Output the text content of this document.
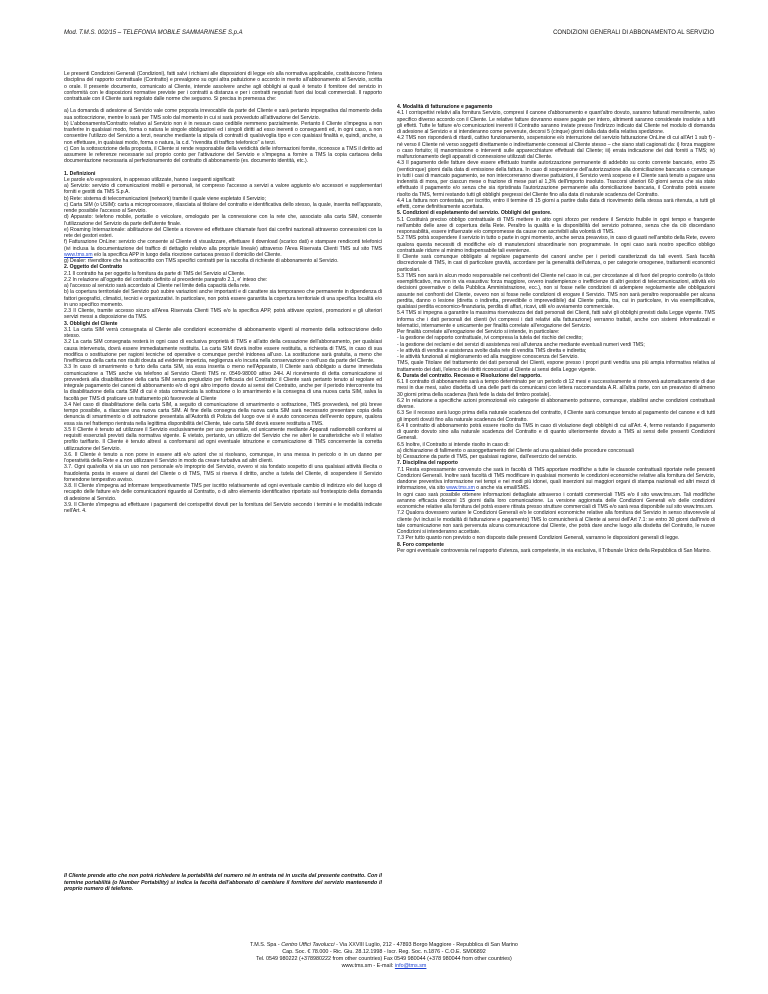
Mod. T.M.S. 002/15 – TELEFONIA MOBILE SAMMARINESE S.p.A	CONDIZIONI GENERALI DI ABBONAMENTO AL SERVIZIO

Le presenti Condizioni Generali (Condizioni), fatti salvi i richiami alle disposizioni di legge e/o alla normativa applicabile, costituiscono l'intera disciplina del rapporto contrattuale (Contratto) e prevalgono su ogni altra pattuizione o accordo in merito all'abbonamento al Servizio, scritta o orale. Il presente documento, comunicato al Cliente, intende assolvere anche agli obblighi ai quali è tenuto il fornitore del servizio in conformità con le disposizioni normative previste per i contratti a distanza e per i contratti negoziati fuori dai locali commerciali. Il rapporto contrattuale con il Cliente sarà regolato dalle norme che seguono. Si precisa in premessa che:

a) La domanda di adesione al Servizio vale come proposta irrevocabile da parte del Cliente e sarà pertanto impegnativa dal momento della sua sottoscrizione, mentre lo sarà per TMS solo dal momento in cui si sarà provveduto all'attivazione del Servizio.

b) L'abbonamento/Contratto relativo al Servizio non è in nessun caso cedibile nemmeno parzialmente. Pertanto il Cliente s'impegna a non trasferire in qualsiasi modo, forma o natura le singole obbligazioni ed i singoli diritti ad esso inerenti o conseguenti ed, in ogni caso, a non consentire l'utilizzo del Servizio a terzi, neanche mediante la stipula di contratti di qualsivoglia tipo e con qualsiasi finalità e, quindi, anche, a non effettuare, in qualsiasi modo, forma o natura, la c.d. "rivendita di traffico telefonico" a terzi.

c) Con la sottoscrizione della proposta, il Cliente si rende responsabile della veridicità delle informazioni fornite, riconosce a TMS il diritto ad assumere le referenze necessarie sul proprio conto per l'attivazione del Servizio e s'impegna a fornire a TMS la copia cartacea della documentazione necessaria al perfezionamento del contratto di abbonamento (es. documento identità, etc.).

1. Definizioni

Le parole e/o espressioni, in appresso utilizzate, hanno i seguenti significati:

a) Servizio: servizio di comunicazioni mobili e personali, ivi compreso l'accesso a servizi a valore aggiunto e/o accessori e supplementari forniti e gestiti da TMS S.p.A.

b) Rete: sistema di telecomunicazioni (network) tramite il quale viene espletato il Servizio;

c) Carta SIM (o USIM): carta a microprocessore, rilasciata al titolare del contratto e identificativa dello stesso, la quale, inserita nell'apparato, rende possibile l'accesso al Servizio.

d) Apparato: telefono mobile, portatile o veicolare, omologato per la connessione con la rete che, associato alla carta SIM, consente l'utilizzazione del Servizio da parte dell'utente finale.

e) Roaming Internazionale: abilitazione del Cliente a ricevere ed effettuare chiamate fuori dai confini nazionali attraverso connessioni con la rete dei gestori esteri.

f) Fatturazione OnLine: servizio che consente al Cliente di visualizzare, effettuare il download (scarico dati) e stampare rendiconti telefonici (ivi inclusa la documentazione del traffico di dettaglio relativo alla propria/e linea/e) attraverso l'Area Riservata Clienti TMS sul sito TMS www.tms.sm e/o la specifica APP in luogo della ricezione cartacea presso il domicilio del Cliente.

g) Dealer: rivenditore che ha sottoscritto con TMS specifici contratti per la raccolta di richieste di abbonamento al Servizio.

2. Oggetto del Contratto

2.1 Il contratto ha per oggetto la fornitura da parte di TMS del Servizio al Cliente.

2.2 In relazione all'oggetto del contratto definito al precedente paragrafo 2.1, e' inteso che:

a) l'accesso al servizio sarà accordato al Cliente nel limite della capacità della rete.

b) la copertura territoriale del Servizio può subire variazioni anche importanti e di carattere sia temporaneo che permanente in dipendenza di fattori geografici, climatici, tecnici e organizzativi. In particolare, non potrà essere garantita la copertura territoriale di una specifica località e/o in uno specifico momento.

2.3 Il Cliente, tramite accesso sicuro all'Area Riservata Clienti TMS e/o la specifica APP, potrà attivare opzioni, promozioni e gli ulteriori servizi messi a disposizione da TMS.

3. Obblighi del Cliente

3.1 La carta SIM verrà consegnata al Cliente alle condizioni economiche di abbonamento vigenti al momento della sottoscrizione dello stesso.

3.2 La carta SIM consegnata resterà in ogni caso di esclusiva proprietà di TMS e all'atto della cessazione dell'abbonamento, per qualsiasi causa intervenuta, dovrà essere immediatamente restituita. La carta SIM dovrà inoltre essere restituita, a richiesta di TMS, in caso di sua modifica o sostituzione per ragioni tecniche od operative o comunque perché inidonea all'uso. La sostituzione sarà gratuita, a meno che l'inefficienza della carta non risulti dovuta ad evidente imperizia, negligenza e/o incuria nella conservazione o nell'uso da parte del Cliente.

3.3 In caso di smarrimento o furto della carta SIM, sia essa inserita o meno nell'Apparato, Il Cliente sarà obbligato a darne immediata comunicazione a TMS anche via telefono al Servizio Clienti TMS nr. 0549-98000 attivo 24H. Al ricevimento di detta comunicazione si provvederà alla disabilitazione della carta SIM senza pregiudizio per l'efficacia del Contratto: il Cliente sarà pertanto tenuto al regolare ed integrale pagamento dei canoni di abbonamento e/o di ogni altro importo dovuto ai sensi del Contratto, anche per il periodo intercorrente tra la disabilitazione della carta SIM di cui è stata comunicata la sottrazione o lo smarrimento e la consegna di una nuova carta SIM, salva la facoltà per TMS di praticare un trattamento più favorevole al Cliente

3.4 Nel caso di disabilitazione della carta SIM, a seguito di comunicazione di smarrimento o sottrazione, TMS provvederà, nel più breve tempo possibile, a rilasciare una nuova carta SIM. Al fine della consegna della nuova carta SIM sarà necessario presentare copia della denuncia di smarrimento o di sottrazione presentata all'Autorità di Polizia del luogo ove si è avuto conoscenza dell'evento oppure, qualora essa sia nel frattempo rientrata nella legittima disponibilità del Cliente, tale carta SIM dovrà essere restituita a TMS.

3.5 Il Cliente è tenuto ad utilizzare il Servizio esclusivamente per uso personale, ed unicamente mediante Apparati radiomobili conformi ai requisiti essenziali previsti dalla normativa vigente. È vietato, pertanto, un utilizzo del Servizio che ne alteri le caratteristiche e/o il relativo profilo tariffario. Il Cliente è tenuto altresì a conformarsi ad ogni eventuale istruzione e comunicazione di TMS concernente la corretta utilizzazione del Servizio.

3.6. Il Cliente è tenuto a non porre in essere atti e/o azioni che si risolvano, comunque, in una messa in pericolo o in un danno per l'operatività della Rete e a non utilizzare il Servizio in modo da creare turbativa ad altri clienti.

3.7. Ogni qualvolta vi sia un uso non personale e/o improprio del Servizio, ovvero vi sia fondato sospetto di una qualsiasi attività illecita o fraudolenta posta in essere ai danni del Cliente o di TMS, TMS si riserva il diritto, anche a tutela del Cliente, di sospendere il Servizio fornendone tempestivo avviso.

3.8. Il Cliente s'impegna ad informare tempestivamente TMS per iscritto relativamente ad ogni eventuale cambio di indirizzo e/o del luogo di recapito delle fatture e/o delle comunicazioni riguardo al Contratto, o di altro elemento identificativo riportato sul frontespizio della domanda di adesione al Servizio.

3.9. Il Cliente s'impegna ad effettuare i pagamenti dei corrispettivi dovuti per la fornitura del Servizio secondo i termini e le modalità indicate nell'Art. 4.

Il Cliente prende atto che non potrà richiedere la portabilità del numero né in entrata né in uscita dal presente contratto. Con il termine portabilità (o Number Portability) si indica la facoltà dell'abbonato di cambiare il fornitore del servizio mantenendo il proprio numero di telefono.

4. Modalità di fatturazione e pagamento

4.1 I corrispettivi relativi alla fornitura Servizio, compresi il canone d'abbonamento e quant'altro dovuto, saranno fatturati mensilmente, salvo specifico diverso accordo con il Cliente. Le relative fatture dovranno essere pagate per intero, altrimenti saranno considerate insolute a tutti gli effetti. Tutte le fatture e/o comunicazioni inerenti il Contratto saranno inviate presso l'indirizzo indicato dal Cliente nel modulo di domanda di adesione al Servizio e si intenderanno come pervenute, decorsi 5 (cinque) giorni dalla data della relativa spedizione.

4.2 TMS non risponderà di ritardi, cattivo funzionamento, sospensione e/o interruzione del servizio fatturazione OnLine di cui all'Art 1 sub f) - né verso il Cliente né verso soggetti direttamente o indirettamente connessi al Cliente stesso – che siano stati cagionati da: i) forza maggiore o caso fortuito; ii) manomissione o interventi sulle apparecchiature effettuati dal Cliente; iii) errata indicazione dei dati forniti a TMS; iv) malfunzionamento degli apparati di connessione utilizzati dal Cliente.

4.3 Il pagamento delle fatture deve essere effettuato tramite autorizzazione permanente di addebito su conto corrente bancario, entro 25 (venticinque) giorni dalla data di emissione della fattura. In caso di sospensione dell'autorizzazione alla domiciliazione bancaria o comunque in tutti i casi di mancato pagamento, se non intercorreranno diverse pattuizioni, il Servizio verrà sospeso e il Cliente sarà tenuto a pagare una indennità di mora, per ciascun mese o frazione di mese pari al 1,3% dell'importo insoluto. Trascorsi ulteriori 60 giorni senza che sia stato effettuato il pagamento e/o senza che sia ripristinata l'autorizzazione permanente alla domiciliazione bancaria, il Contratto potrà essere risolto da TMS, fermi restando tutti gli obblighi pregressi del Cliente fino alla data di naturale scadenza del Contratto.

4.4 La fattura non contestata, per iscritto, entro il termine di 15 giorni a partire dalla data di ricevimento della stessa sarà ritenuta, a tutti gli effetti, come definitivamente accettata.

5. Condizioni di espletamento del servizio. Obblighi del gestore.

5.1 Costituirà preciso obbligo contrattuale di TMS mettere in atto ogni sforzo per rendere il Servizio fruibile in ogni tempo e frangente nell'ambito delle aree di copertura della Rete. Peraltro la qualità e la disponibilità del servizio potranno, senza che da ciò discendano responsabilità, essere influenzate e/o compromesse da cause non ascrivibili alla volontà di TMS.

5.2 TMS potrà sospendere il servizio in tutto o parte in ogni momento, anche senza preavviso, in caso di guasti nell'ambito della Rete, ovvero qualora questa necessiti di modifiche e/o di manutenzioni straordinarie non programmate. In ogni caso sarà nostro specifico obbligo contrattuale ridurre al minimo indispensabile tali evenienze.

Il Cliente sarà comunque obbligato al regolare pagamento dei canoni anche per i periodi caratterizzati da tali eventi. Sarà facoltà discrezionale di TMS, in casi di particolare gravità, accordare per la generalità dell'utenza, o per categorie omogenee, trattamenti economici particolari.

5.3 TMS non sarà in alcun modo responsabile nei confronti del Cliente nel caso in cui, per circostanze al di fuori del proprio controllo (a titolo esemplificativo, ma non in via esaustiva: forza maggiore, ovvero inadempienze o inefficienze di altri gestori di telecomunicazioni, attività e/o decisioni governative o della Pubblica Amministrazione, ecc.), non si fosse nelle condizioni di adempiere regolarmente alle obbligazioni assunte nei confronti del Cliente, ovvero non si fosse nelle condizioni di erogare il Servizio. TMS non sarà peraltro responsabile per alcuna perdita, danno o lesione (diretta o indiretta, prevedibile o imprevedibile) dal Cliente patita, tra, cui in particolare, in via esemplificativa, qualsiasi perdita economico-finanziaria, perdita di affari, ricavi, utili e/o avviamento commerciale.

5.4 TMS si impegna a garantire la massima riservatezza dei dati personali dei Clienti, fatti salvi gli obblighi previsti dalla Legge vigente. TMS informa che i dati personali dei clienti (ivi compresi i dati relativi alla fatturazione) verranno trattati, anche con sistemi informatizzati e telematici, internamente e unicamente per finalità correlate all'erogazione del Servizio.

Per finalità correlate all'erogazione del Servizio si intende, in particolare:

- la gestione del rapporto contrattuale, ivi compresa la tutela del rischio del credito;

- la gestione dei reclami e dei servizi di assistenza resi all'utenza anche mediante eventuali numeri verdi TMS;

- le attività di vendita e assistenza svolte dalla rete di vendita TMS diretta e indiretta;

- le attività funzionali al miglioramento ed alla maggiore conoscenza del Servizio.

TMS, quale Titolare del trattamento dei dati personali dei Clienti, espone presso i propri punti vendita una più ampia informativa relativa al trattamento dei dati, l'elenco dei diritti riconosciuti al Cliente ai sensi della Legge vigente.

6. Durata del contratto. Recesso e Risoluzione del rapporto.

6.1 Il contratto di abbonamento sarà a tempo determinato per un periodo di 12 mesi e successivamente si rinnoverà automaticamente di due mesi in due mesi, salvo disdetta di una delle parti da comunicarsi con lettera raccomandata A.R. all'altra parte, con un preavviso di almeno 30 giorni prima della scadenza (farà fede la data del timbro postale).

6.2 In relazione a specifiche azioni promozionali e/o categorie di abbonamento potranno, comunque, stabilirsi anche condizioni contrattuali diverse.

6.3 Se il recesso avrà luogo prima della naturale scadenza del contratto, il Cliente sarà comunque tenuto al pagamento del canone e di tutti gli importi dovuti fino alla naturale scadenza del Contratto.

6.4 Il contratto di abbonamento potrà essere risolto da TMS in caso di violazione degli obblighi di cui all'Art. 4, fermo restando il pagamento di quanto dovuto sino alla naturale scadenza del Contratto e di quanto ulteriormente dovuto a TMS ai sensi delle presenti Condizioni Generali.

6.5 Inoltre, il Contratto si intende risolto in caso di:

a) dichiarazione di fallimento o assoggettamento del Cliente ad una qualsiasi delle procedure concorsuali

b) Cessazione da parte di TMS, per qualsiasi ragione, dall'esercizio del servizio.

7. Disciplina del rapporto

7.1 Resta espressamente convenuto che sarà in facoltà di TMS apportare modifiche a tutte le clausole contrattuali riportate nelle presenti Condizioni Generali. Inoltre sarà facoltà di TMS modificare in qualsiasi momento le condizioni economiche relative alla fornitura del Servizio, dandone preventiva informazione nei tempi e nei modi più idonei, quali inserzioni sui maggiori organi di stampa nazionali ed altri mezzi di informazione, via sito www.tms.sm o anche via email/SMS.

In ogni caso sarà possibile ottenere informazioni dettagliate attraverso i contatti commerciali TMS e/o il sito www.tms.sm. Tali modifiche avranno efficacia decorsi 15 giorni dalla loro comunicazione. La versione aggiornata delle Condizioni Generali e/o delle condizioni economiche relative alla fornitura del potrà essere ritirata presso strutture commerciali di TMS e/o sarà resa disponibile sul sito www.tms.sm.

7.2 Qualora dovessero variare le Condizioni Generali e/o le condizioni economiche relative alla fornitura del Servizio in senso sfavorevole al cliente (ivi inclusi le modalità di fatturazione e pagamento) TMS lo comunicherà al Cliente ai sensi dell'Art 7.1: se entro 30 giorni dall'invio di tale comunicazione non sarà pervenuta alcuna comunicazione dal Cliente, che potrà dare anche luogo alla disdetta del Contratto, le nuove Condizioni si intenderanno accettate.

7.3 Per tutto quanto non previsto o non disposto dalle presenti Condizioni Generali, varranno le disposizioni generali di legge.

8. Foro competente

Per ogni eventuale controversia nel rapporto d'utenza, sarà competente, in via esclusiva, il Tribunale Unico della Repubblica di San Marino.

T.M.S. Spa - Centro Uffici Tavolucci - Via XXVIII Luglio, 212 - 47893 Borgo Maggiore - Repubblica di San Marino
Cap. Soc. € 78.000 - Ric. Giu. 28.12.1998 - Iscr. Reg. Soc. n.1876 - C.O.E. SM06892
Tel. 0549 980222 (+378980222 from other countries) Fax 0549 980044 (+378 980044 from other countries)
www.tms.sm - E-mail: info@tms.sm
